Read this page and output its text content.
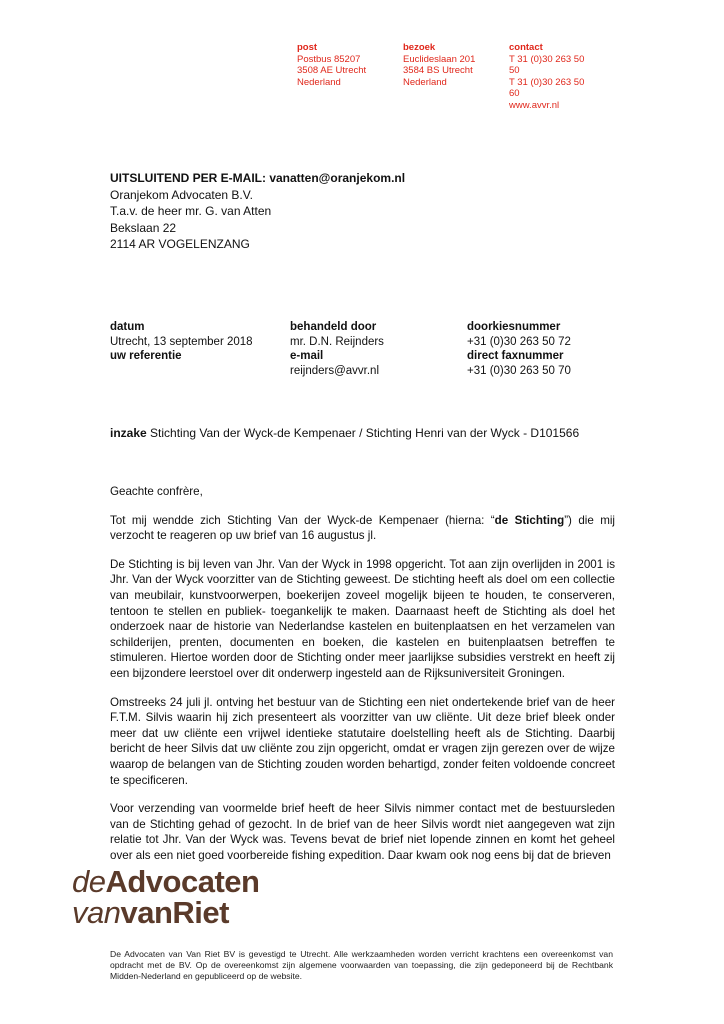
post
Postbus 85207
3508 AE Utrecht
Nederland
bezoek
Euclideslaan 201
3584 BS Utrecht
Nederland
contact
T 31 (0)30 263 50 50
T 31 (0)30 263 50 60
www.avvr.nl
UITSLUITEND PER E-MAIL: vanatten@oranjekom.nl
Oranjekom Advocaten B.V.
T.a.v. de heer mr. G. van Atten
Bekslaan 22
2114 AR VOGELENZANG
datum
Utrecht, 13 september 2018
uw referentie
behandeld door
mr. D.N. Reijnders
e-mail
reijnders@avvr.nl
doorkiesnummer
+31 (0)30 263 50 72
direct faxnummer
+31 (0)30 263 50 70
inzake Stichting Van der Wyck-de Kempenaer / Stichting Henri van der Wyck - D101566

Geachte confrère,

Tot mij wendde zich Stichting Van der Wyck-de Kempenaer (hierna: “de Stichting”) die mij verzocht te reageren op uw brief van 16 augustus jl.

De Stichting is bij leven van Jhr. Van der Wyck in 1998 opgericht. Tot aan zijn overlijden in 2001 is Jhr. Van der Wyck voorzitter van de Stichting geweest. De stichting heeft als doel om een collectie van meubilair, kunstvoorwerpen, boekerijen zoveel mogelijk bijeen te houden, te conserveren, tentoon te stellen en publiek- toegankelijk te maken. Daarnaast heeft de Stichting als doel het onderzoek naar de historie van Nederlandse kastelen en buitenplaatsen en het verzamelen van schilderijen, prenten, documenten en boeken, die kastelen en buitenplaatsen betreffen te stimuleren. Hiertoe worden door de Stichting onder meer jaarlijkse subsidies verstrekt en heeft zij een bijzondere leerstoel over dit onderwerp ingesteld aan de Rijksuniversiteit Groningen.

Omstreeks 24 juli jl. ontving het bestuur van de Stichting een niet ondertekende brief van de heer F.T.M. Silvis waarin hij zich presenteert als voorzitter van uw cliënte. Uit deze brief bleek onder meer dat uw cliënte een vrijwel identieke statutaire doelstelling heeft als de Stichting. Daarbij bericht de heer Silvis dat uw cliënte zou zijn opgericht, omdat er vragen zijn gerezen over de wijze waarop de belangen van de Stichting zouden worden behartigd, zonder feiten voldoende concreet te specificeren.

Voor verzending van voormelde brief heeft de heer Silvis nimmer contact met de bestuursleden van de Stichting gehad of gezocht. In de brief van de heer Silvis wordt niet aangegeven wat zijn relatie tot Jhr. Van der Wyck was. Tevens bevat de brief niet lopende zinnen en komt het geheel over als een niet goed voorbereide fishing expedition. Daar kwam ook nog eens bij dat de brieven

deAdvocaten
vanvanRiet
De Advocaten van Van Riet BV is gevestigd te Utrecht. Alle werkzaamheden worden verricht krachtens een overeenkomst van opdracht met de BV. Op de overeenkomst zijn algemene voorwaarden van toepassing, die zijn gedeponeerd bij de Rechtbank Midden-Nederland en gepubliceerd op de website.
